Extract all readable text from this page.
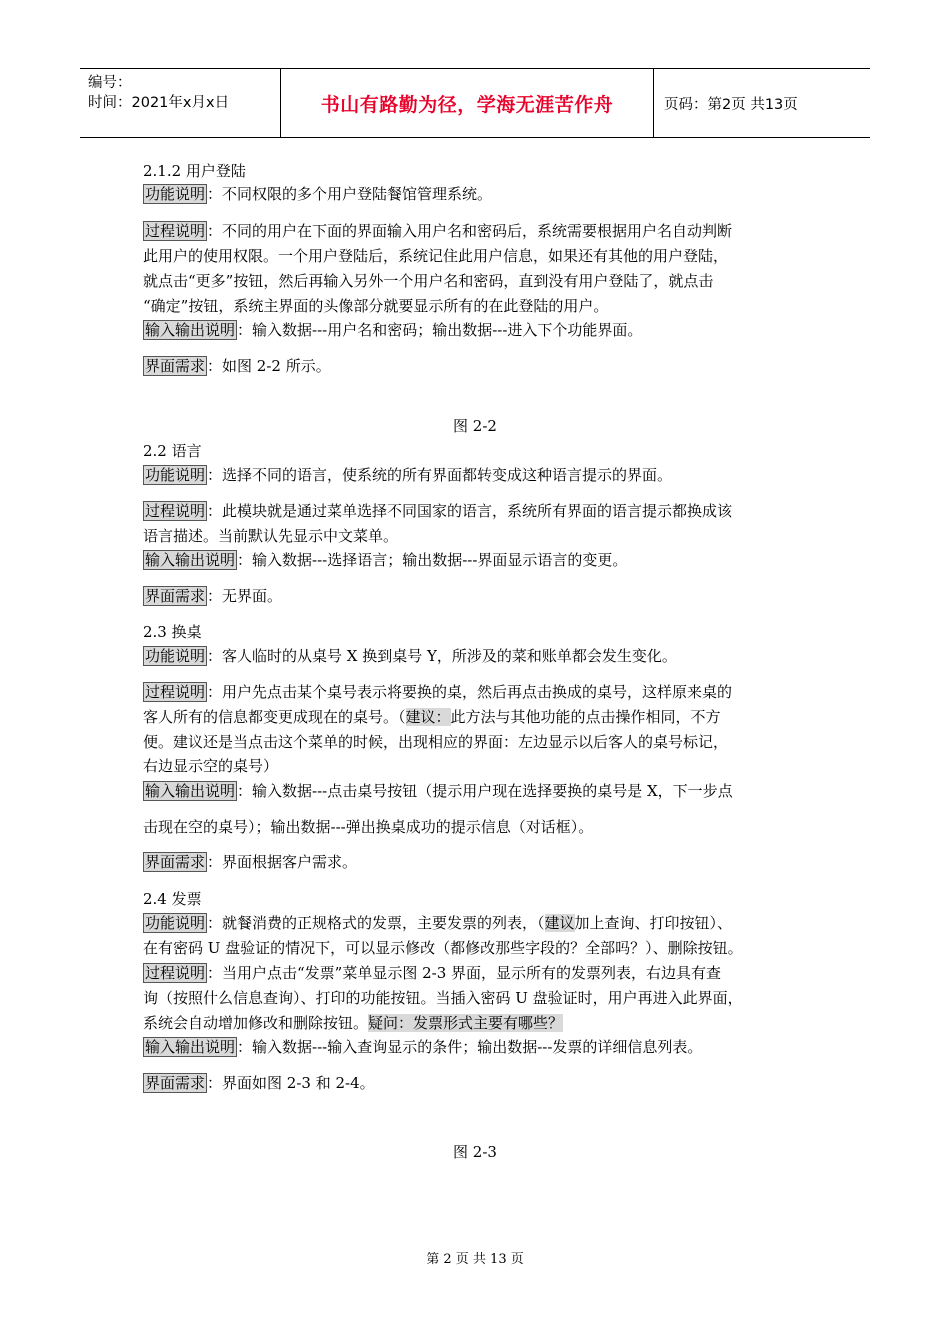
编号：
时间：2021年x月x日	书山有路勤为径，学海无涯苦作舟	页码：第2页 共13页
2.1.2 用户登陆
功能说明 ：不同权限的多个用户登陆餐馆管理系统。
过程说明 ：不同的用户在下面的界面输入用户名和密码后，系统需要根据用户名自动判断
此用户的使用权限。一个用户登陆后，系统记住此用户信息，如果还有其他的用户登陆，
就点击“更多”按钮，然后再输入另外一个用户名和密码，直到没有用户登陆了，就点击
“确定”按钮，系统主界面的头像部分就要显示所有的在此登陆的用户。
输入输出说明 ：输入数据---用户名和密码；输出数据---进入下个功能界面。
界面需求 ：如图 2-2 所示。
图 2-2
2.2 语言
功能说明 ：选择不同的语言，使系统的所有界面都转变成这种语言提示的界面。
过程说明 ：此模块就是通过菜单选择不同国家的语言，系统所有界面的语言提示都换成该
语言描述。当前默认先显示中文菜单。
输入输出说明 ：输入数据---选择语言；输出数据---界面显示语言的变更。
界面需求 ：无界面。
2.3 换桌
功能说明 ：客人临时的从桌号 X 换到桌号 Y，所涉及的菜和账单都会发生变化。
过程说明 ：用户先点击某个桌号表示将要换的桌，然后再点击换成的桌号，这样原来桌的
客人所有的信息都变更成现在的桌号。（建议：此方法与其他功能的点击操作相同，不方
便。建议还是当点击这个菜单的时候，出现相应的界面：左边显示以后客人的桌号标记，
右边显示空的桌号）
输入输出说明 ：输入数据---点击桌号按钮（提示用户现在选择要换的桌号是 X，下一步点
击现在空的桌号）；输出数据---弹出换桌成功的提示信息（对话框）。
界面需求 ：界面根据客户需求。
2.4 发票
功能说明 ：就餐消费的正规格式的发票，主要发票的列表，（建议加上查询、打印按钮）、
在有密码 U 盘验证的情况下，可以显示修改（都修改那些字段的？全部吗？）、删除按钮。
过程说明 ：当用户点击“发票”菜单显示图 2-3 界面，显示所有的发票列表，右边具有查
询（按照什么信息查询）、打印的功能按钮。当插入密码 U 盘验证时，用户再进入此界面，
系统会自动增加修改和删除按钮。疑问：发票形式主要有哪些？
输入输出说明 ：输入数据---输入查询显示的条件；输出数据---发票的详细信息列表。
界面需求 ：界面如图 2-3 和 2-4。
图 2-3
第 2 页 共 13 页
